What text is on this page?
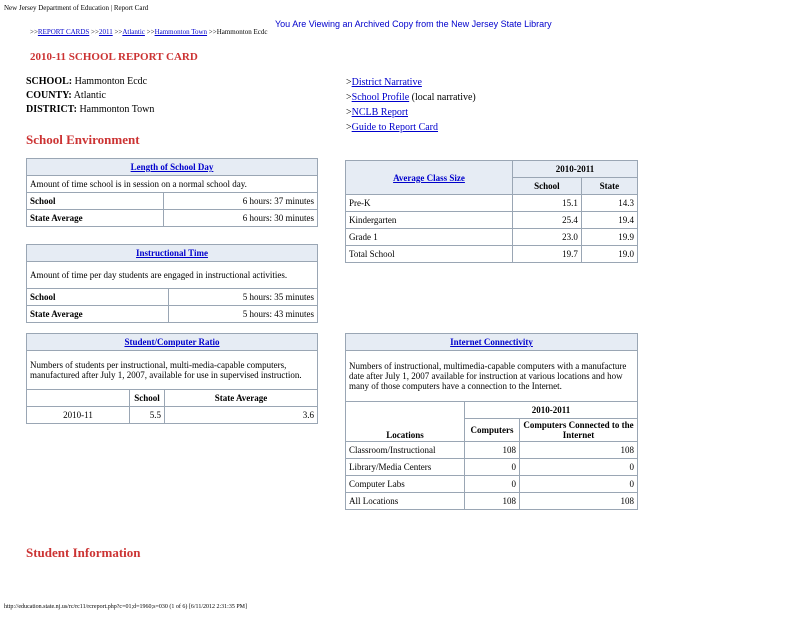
New Jersey Department of Education | Report Card
You Are Viewing an Archived Copy from the New Jersey State Library
>>REPORT CARDS >>2011 >>Atlantic >>Hammonton Town >>Hammonton Ecdc
2010-11 SCHOOL REPORT CARD
SCHOOL: Hammonton Ecdc
COUNTY: Atlantic
DISTRICT: Hammonton Town
>District Narrative
>School Profile (local narrative)
>NCLB Report
>Guide to Report Card
School Environment
Length of School Day	
Amount of time school is in session on a normal school day.	
School	6 hours: 37 minutes
State Average	6 hours: 30 minutes
Instructional Time	
Amount of time per day students are engaged in instructional activities.	
School	5 hours: 35 minutes
State Average	5 hours: 43 minutes
Student/Computer Ratio		
Numbers of students per instructional, multi-media-capable computers, manufactured after July 1, 2007, available for use in supervised instruction.		
	School	State Average
2010-11	5.5	3.6
Average Class Size	2010-2011	
	School	State
Pre-K	15.1	14.3
Kindergarten	25.4	19.4
Grade 1	23.0	19.9
Total School	19.7	19.0
Internet Connectivity		
Numbers of instructional, multimedia-capable computers with a manufacture date after July 1, 2007 available for instruction at various locations and how many of those computers have a connection to the Internet.		
Locations	2010-2011	
	Computers	Computers Connected to the Internet
Classroom/Instructional	108	108
Library/Media Centers	0	0
Computer Labs	0	0
All Locations	108	108
Student Information
http://education.state.nj.us/rc/rc11/rcreport.php?c=01;d=1960;s=030 (1 of 6) [6/11/2012 2:31:35 PM]
